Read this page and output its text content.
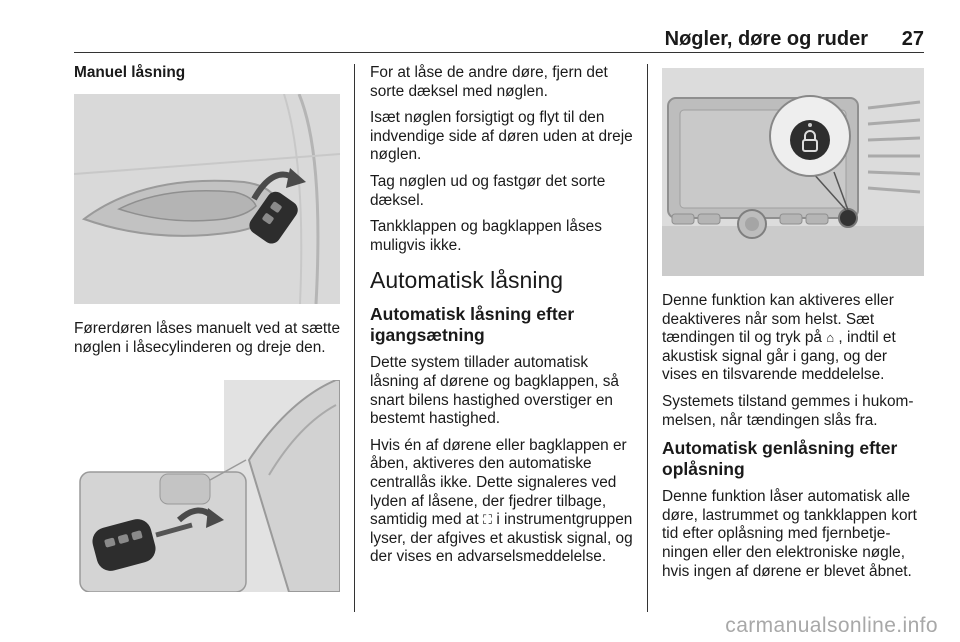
Nøgler, døre og ruder 27
Manuel låsning

Førerdøren låses manuelt ved at sætte nøglen i låsecylinderen og dreje den.

For at låse de andre døre, fjern det sorte dæksel med nøglen.

Isæt nøglen forsigtigt og flyt til den indvendige side af døren uden at dreje nøglen.

Tag nøglen ud og fastgør det sorte dæksel.

Tankklappen og bagklappen låses muligvis ikke.

Automatisk låsning
Automatisk låsning efter igangsætning

Dette system tillader automatisk låsning af dørene og bagklappen, så snart bilens hastighed overstiger en bestemt hastighed.

Hvis én af dørene eller bagklappen er åben, aktiveres den automatiske centrallås ikke. Dette signaleres ved lyden af låsene, der fjedrer tilbage, samtidig med at ⛶ i instrumentgruppen lyser, der afgives et akustisk signal, og der vises en advarselsmeddelelse.

Denne funktion kan aktiveres eller deaktiveres når som helst. Sæt tændingen til og tryk på ⌂ , indtil et akustisk signal går i gang, og der vises en tilsvarende meddelelse.

Systemets tilstand gemmes i hukommelsen, når tændingen slås fra.

Automatisk genlåsning efter oplåsning

Denne funktion låser automatisk alle døre, lastrummet og tankklappen kort tid efter oplåsning med fjernbetjeningen eller den elektroniske nøgle, hvis ingen af dørene er blevet åbnet.

carmanualsonline.info
